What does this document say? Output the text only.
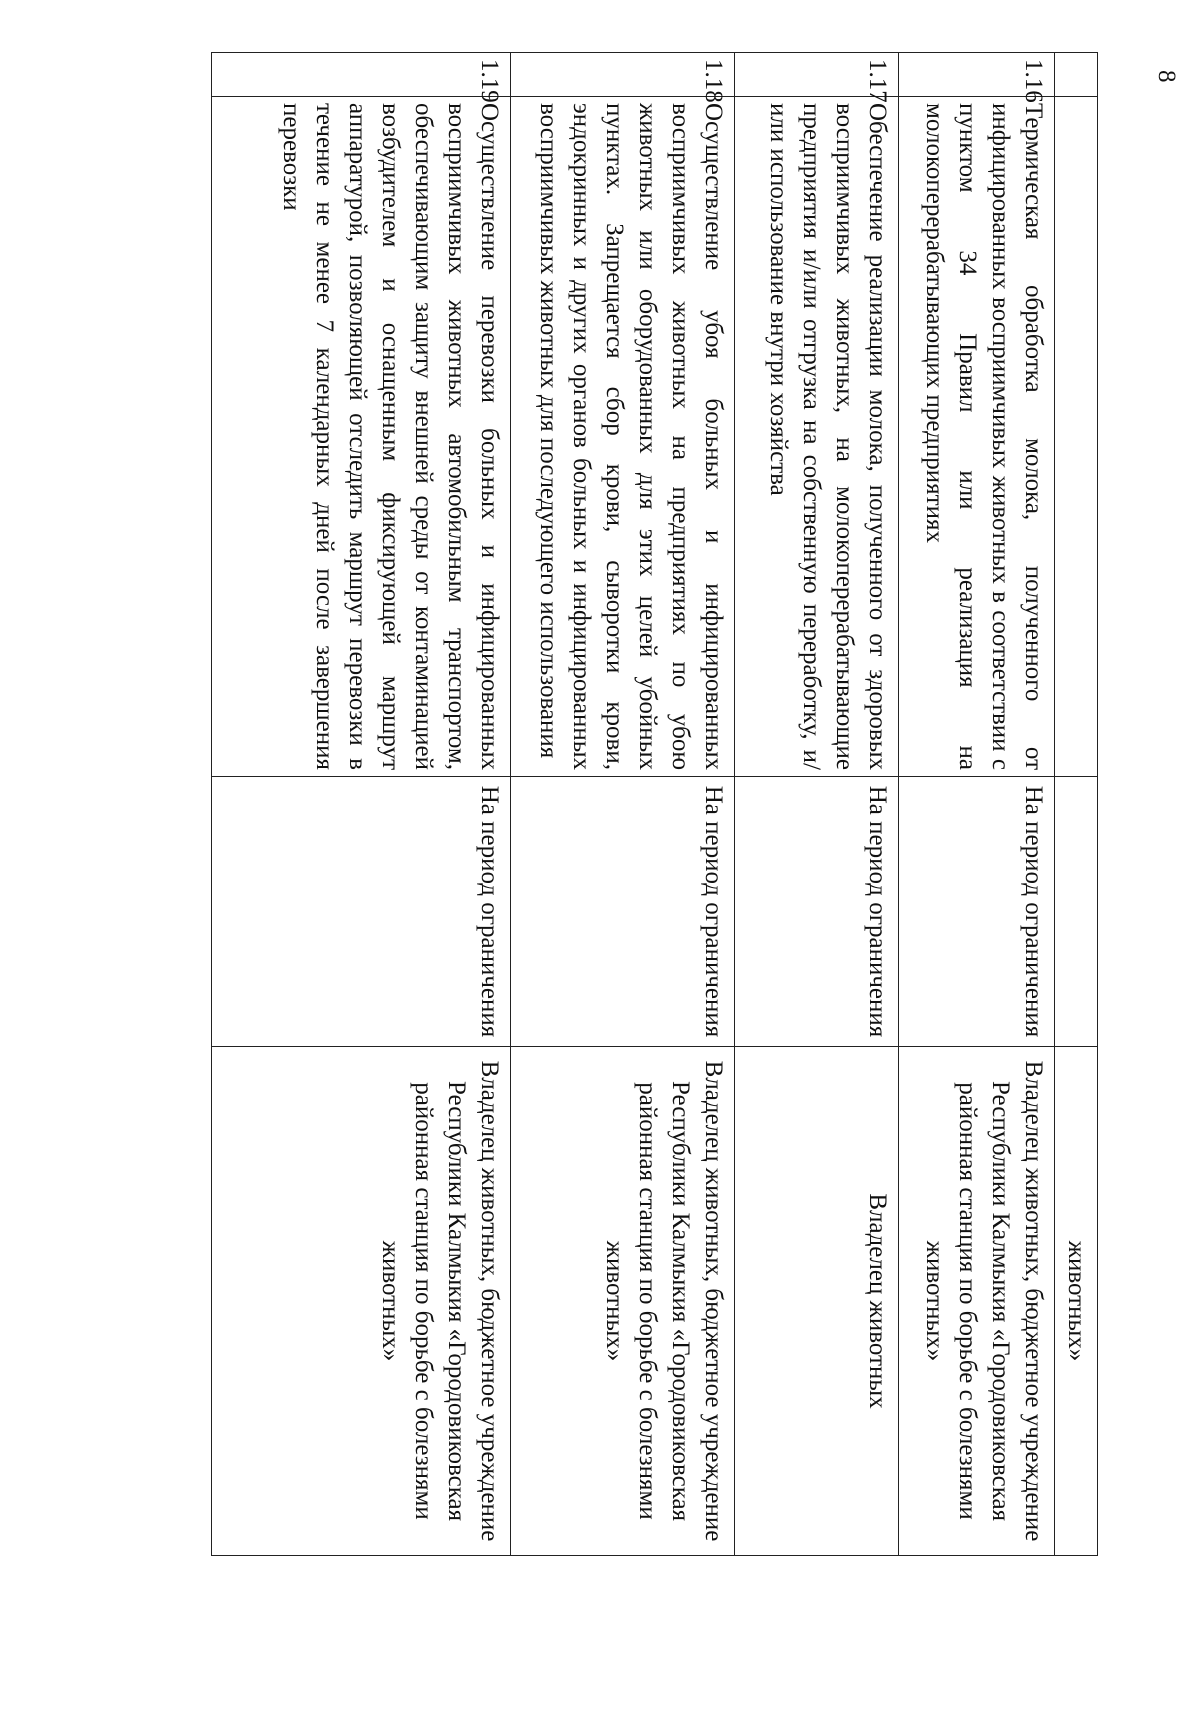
			животных»
1.16	Термическая обработка молока, полученного от инфицированных восприимчивых животных в соответствии с пунктом 34 Правил или реализация на молокоперерабатывающих предприятиях	На период ограничения	Владелец животных, бюджетное учреждение Республики Калмыкия «Городовиковская районная станция по борьбе с болезнями животных»
1.17	Обеспечение реализации молока, полученного от здоровых восприимчивых животных, на молокоперерабатывающие предприятия и/или отгрузка на собственную переработку, и/или использование внутри хозяйства	На период ограничения	Владелец животных
1.18	Осуществление убоя больных и инфицированных восприимчивых животных на предприятиях по убою животных или оборудованных для этих целей убойных пунктах. Запрещается сбор крови, сыворотки крови, эндокринных и других органов больных и инфицированных восприимчивых животных для последующего использования	На период ограничения	Владелец животных, бюджетное учреждение Республики Калмыкия «Городовиковская районная станция по борьбе с болезнями животных»
1.19	Осуществление перевозки больных и инфицированных восприимчивых животных автомобильным транспортом, обеспечивающим защиту внешней среды от контаминацией возбудителем и оснащенным фиксирующей маршрут аппаратурой, позволяющей отследить маршрут перевозки в течение не менее 7 календарных дней после завершения перевозки	На период ограничения	Владелец животных, бюджетное учреждение Республики Калмыкия «Городовиковская районная станция по борьбе с болезнями животных»
8
